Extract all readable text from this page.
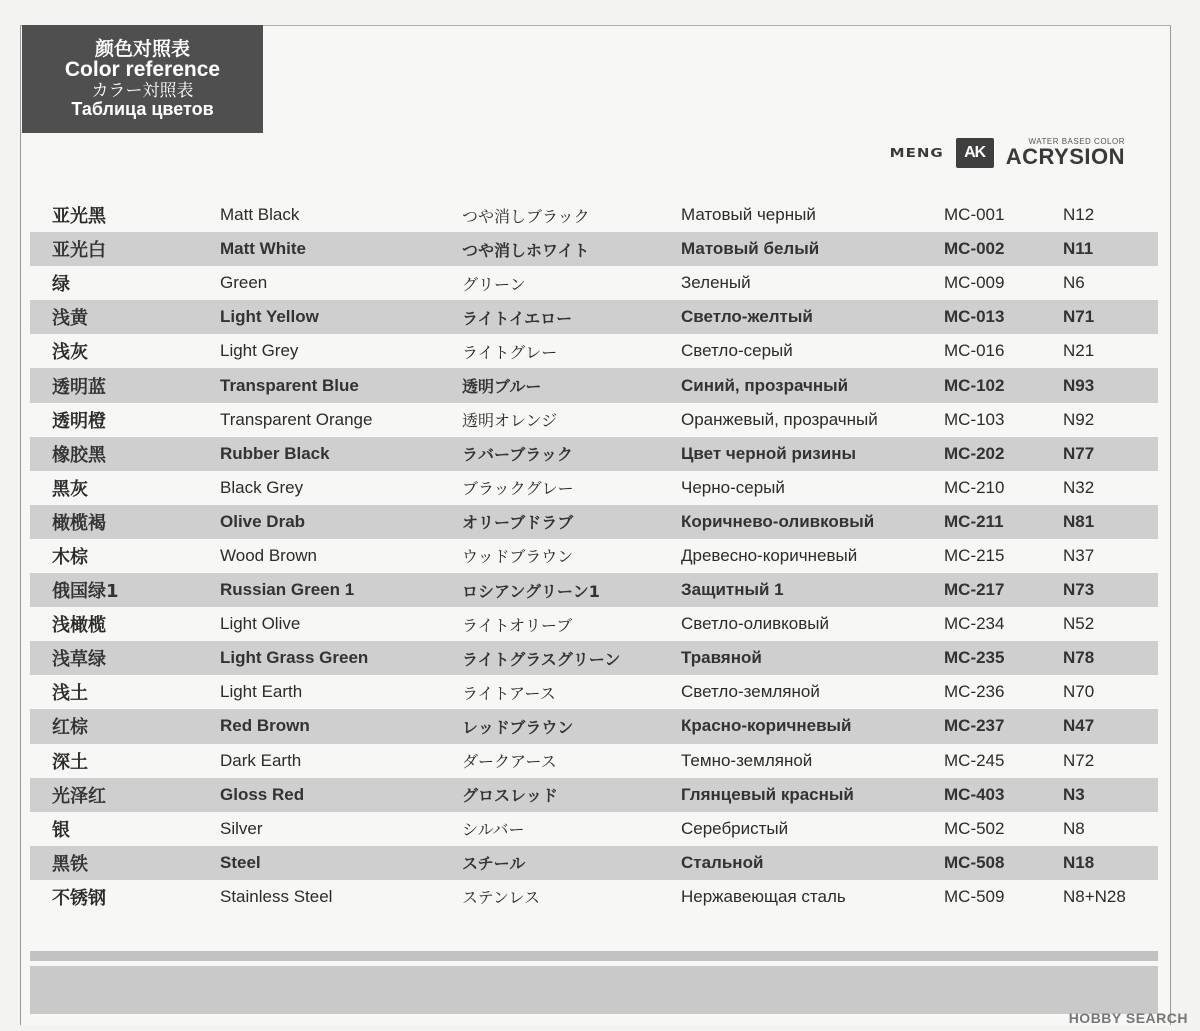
颜色对照表
Color reference
カラー対照表
Таблица цветов
MENG	AK
WATER BASED COLOR
ACRYSION
亚光黑	Matt Black	つや消しブラック	Матовый черный	MC-001	N12
亚光白	Matt White	つや消しホワイト	Матовый белый	MC-002	N11
绿	Green	グリーン	Зеленый	MC-009	N6
浅黄	Light Yellow	ライトイエロー	Светло-желтый	MC-013	N71
浅灰	Light Grey	ライトグレー	Светло-серый	MC-016	N21
透明蓝	Transparent Blue	透明ブルー	Синий, прозрачный	MC-102	N93
透明橙	Transparent Orange	透明オレンジ	Оранжевый, прозрачный	MC-103	N92
橡胶黑	Rubber Black	ラバーブラック	Цвет черной ризины	MC-202	N77
黑灰	Black Grey	ブラックグレー	Черно-серый	MC-210	N32
橄榄褐	Olive Drab	オリーブドラブ	Коричнево-оливковый	MC-211	N81
木棕	Wood Brown	ウッドブラウン	Древесно-коричневый	MC-215	N37
俄国绿1	Russian Green 1	ロシアングリーン1	Защитный 1	MC-217	N73
浅橄榄	Light Olive	ライトオリーブ	Светло-оливковый	MC-234	N52
浅草绿	Light Grass Green	ライトグラスグリーン	Травяной	MC-235	N78
浅土	Light Earth	ライトアース	Светло-земляной	MC-236	N70
红棕	Red Brown	レッドブラウン	Красно-коричневый	MC-237	N47
深土	Dark Earth	ダークアース	Темно-земляной	MC-245	N72
光泽红	Gloss Red	グロスレッド	Глянцевый красный	MC-403	N3
银	Silver	シルバー	Серебристый	MC-502	N8
黑铁	Steel	スチール	Стальной	MC-508	N18
不锈钢	Stainless Steel	ステンレス	Нержавеющая сталь	MC-509	N8+N28
HOBBY SEARCH
